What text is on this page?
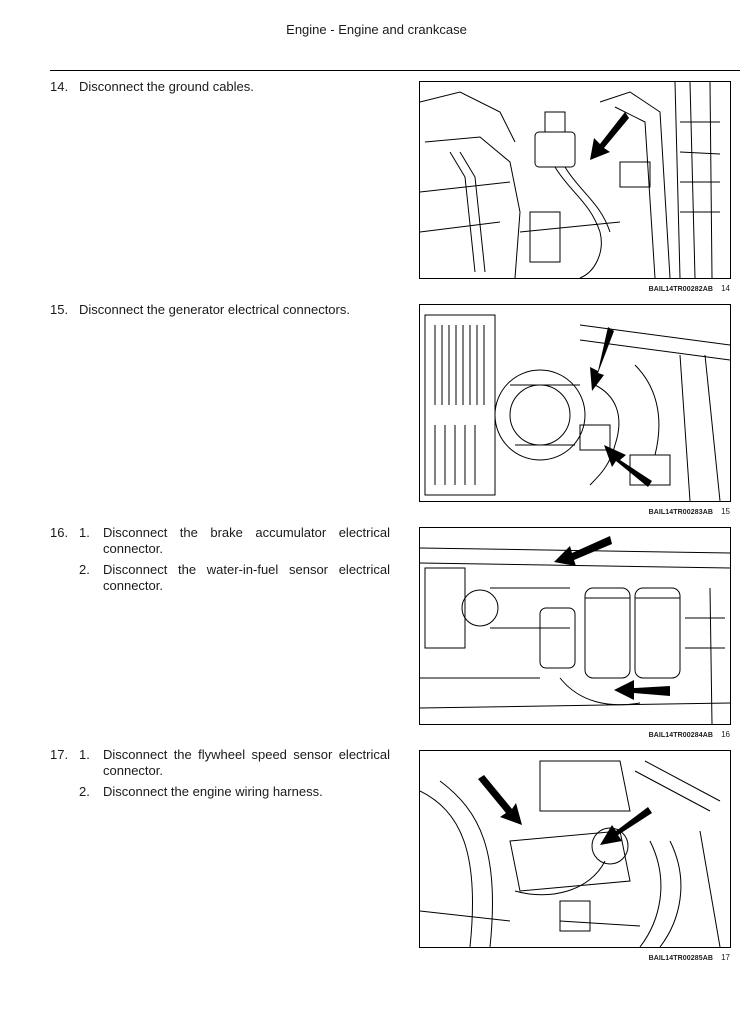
Engine - Engine and crankcase
14. Disconnect the ground cables.
BAIL14TR00282AB 14
15. Disconnect the generator electrical connectors.
BAIL14TR00283AB 15
16. 1. Disconnect the brake accumulator electrical connector.
2. Disconnect the water-in-fuel sensor electrical connector.
BAIL14TR00284AB 16
17. 1. Disconnect the flywheel speed sensor electrical connector.
2. Disconnect the engine wiring harness.
BAIL14TR00285AB 17
